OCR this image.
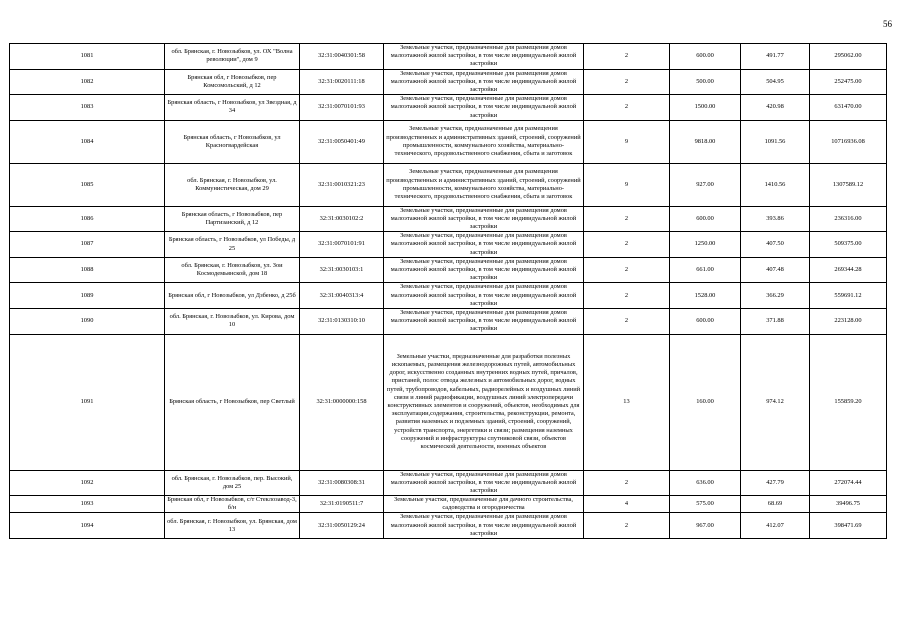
56
1081	обл. Брянская, г. Новозыбков, ул. ОХ "Волна революции", дом 9	32:31:0040301:58	Земельные участки, предназначенные для размещения домов малоэтажной жилой застройки, в том числе индивидуальной жилой застройки	2	600.00	491.77	295062.00
1082	Брянская обл, г Новозыбков, пер Комсомольский, д 12	32:31:0020111:18	Земельные участки, предназначенные для размещения домов малоэтажной жилой застройки, в том числе индивидуальной жилой застройки	2	500.00	504.95	252475.00
1083	Брянская область, г Новозыбков, ул Звездная, д 34	32:31:0070101:93	Земельные участки, предназначенные для размещения домов малоэтажной жилой застройки, в том числе индивидуальной жилой застройки	2	1500.00	420.98	631470.00
1084	Брянская область, г Новозыбков, ул Красногвардейская	32:31:0050401:49	Земельные участки, предназначенные для размещения производственных и административных зданий, строений, сооружений промышленности, коммунального хозяйства, материально-технического, продовольственного снабжения, сбыта и заготовок	9	9818.00	1091.56	10716936.08
1085	обл. Брянская, г. Новозыбков, ул. Коммунистическая, дом 29	32:31:0010321:23	Земельные участки, предназначенные для размещения производственных и административных зданий, строений, сооружений промышленности, коммунального хозяйства, материально-технического, продовольственного снабжения, сбыта и заготовок	9	927.00	1410.56	1307589.12
1086	Брянская область, г Новозыбков, пер Партизанский, д 12	32:31:0030102:2	Земельные участки, предназначенные для размещения домов малоэтажной жилой застройки, в том числе индивидуальной жилой застройки	2	600.00	393.86	236316.00
1087	Брянская область, г Новозыбков, ул Победы, д 25	32:31:0070101:91	Земельные участки, предназначенные для размещения домов малоэтажной жилой застройки, в том числе индивидуальной жилой застройки	2	1250.00	407.50	509375.00
1088	обл. Брянская, г. Новозыбков, ул. Зои Космодемьянской, дом 18	32:31:0030103:1	Земельные участки, предназначенные для размещения домов малоэтажной жилой застройки, в том числе индивидуальной жилой застройки	2	661.00	407.48	269344.28
1089	Брянская обл, г Новозыбков, ул Дзбенко, д 25б	32:31:0040313:4	Земельные участки, предназначенные для размещения домов малоэтажной жилой застройки, в том числе индивидуальной жилой застройки	2	1528.00	366.29	559691.12
1090	обл. Брянская, г. Новозыбков, ул. Кирова, дом 10	32:31:0130310:10	Земельные участки, предназначенные для размещения домов малоэтажной жилой застройки, в том числе индивидуальной жилой застройки	2	600.00	371.88	223128.00
1091	Брянская область, г Новозыбков, пер Светлый	32:31:0000000:158	Земельные участки, предназначенные для разработки полезных ископаемых, размещения железнодорожных путей, автомобильных дорог, искусственно созданных внутренних водных путей, причалов, пристаней, полос отвода железных и автомобильных дорог, водных путей, трубопроводов, кабельных, радиорелейных и воздушных линий связи и линий радиофикации, воздушных линий электропередачи конструктивных элементов и сооружений, объектов, необходимых для эксплуатации,содержания, строительства, реконструкции, ремонта, развития наземных и подземных зданий, строений, сооружений, устройств транспорта, энергетики и связи; размещения наземных сооружений и инфраструктуры спутниковой связи, объектов космической деятельности, военных объектов	13	160.00	974.12	155859.20
1092	обл. Брянская, г. Новозыбков, пер. Высокий, дом 25	32:31:0080308:31	Земельные участки, предназначенные для размещения домов малоэтажной жилой застройки, в том числе индивидуальной жилой застройки	2	636.00	427.79	272074.44
1093	Брянская обл, г Новозыбков, с/т Стеклозавод-3, б/н	32:31:0190511:7	Земельные участки, предназначенные для дачного строительства, садоводства и огородничества	4	575.00	68.69	39496.75
1094	обл. Брянская, г. Новозыбков, ул. Брянская, дом 13	32:31:0050129:24	Земельные участки, предназначенные для размещения домов малоэтажной жилой застройки, в том числе индивидуальной жилой застройки	2	967.00	412.07	398471.69
